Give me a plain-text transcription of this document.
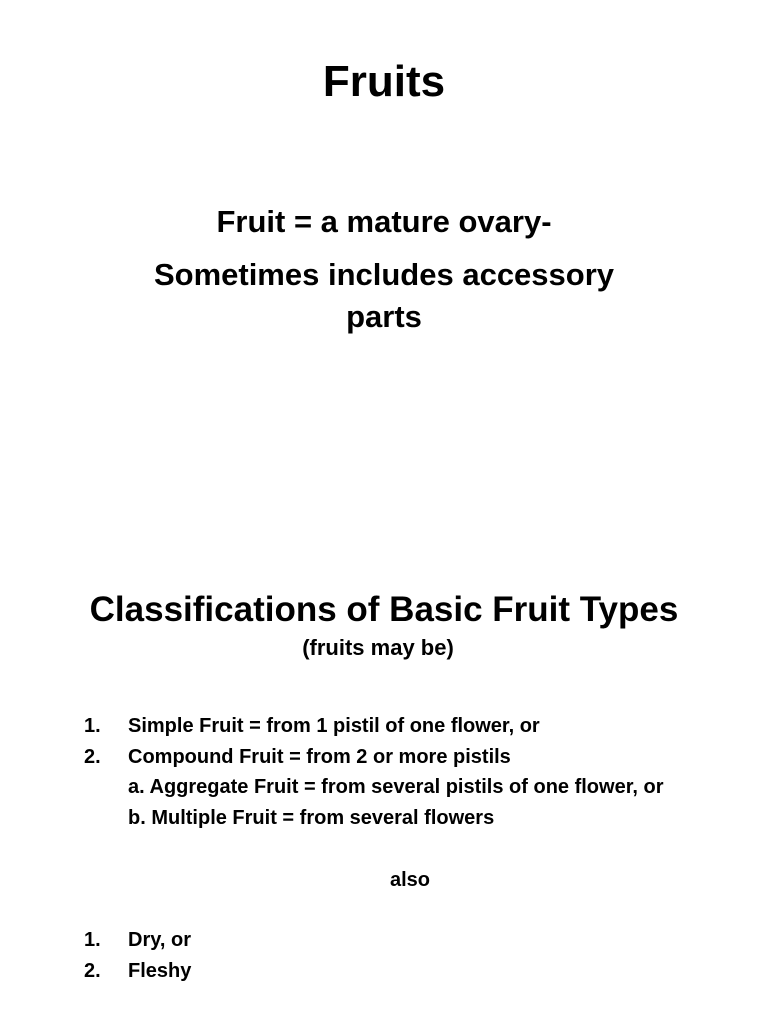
Fruits
Fruit = a mature ovary-
Sometimes includes accessory
parts
Classifications of Basic Fruit Types
(fruits may be)
1. Simple Fruit = from 1 pistil of one flower, or
2. Compound Fruit = from 2 or more pistils
a. Aggregate Fruit = from several pistils of one flower, or
b. Multiple Fruit = from several flowers
also
1. Dry, or
2. Fleshy
